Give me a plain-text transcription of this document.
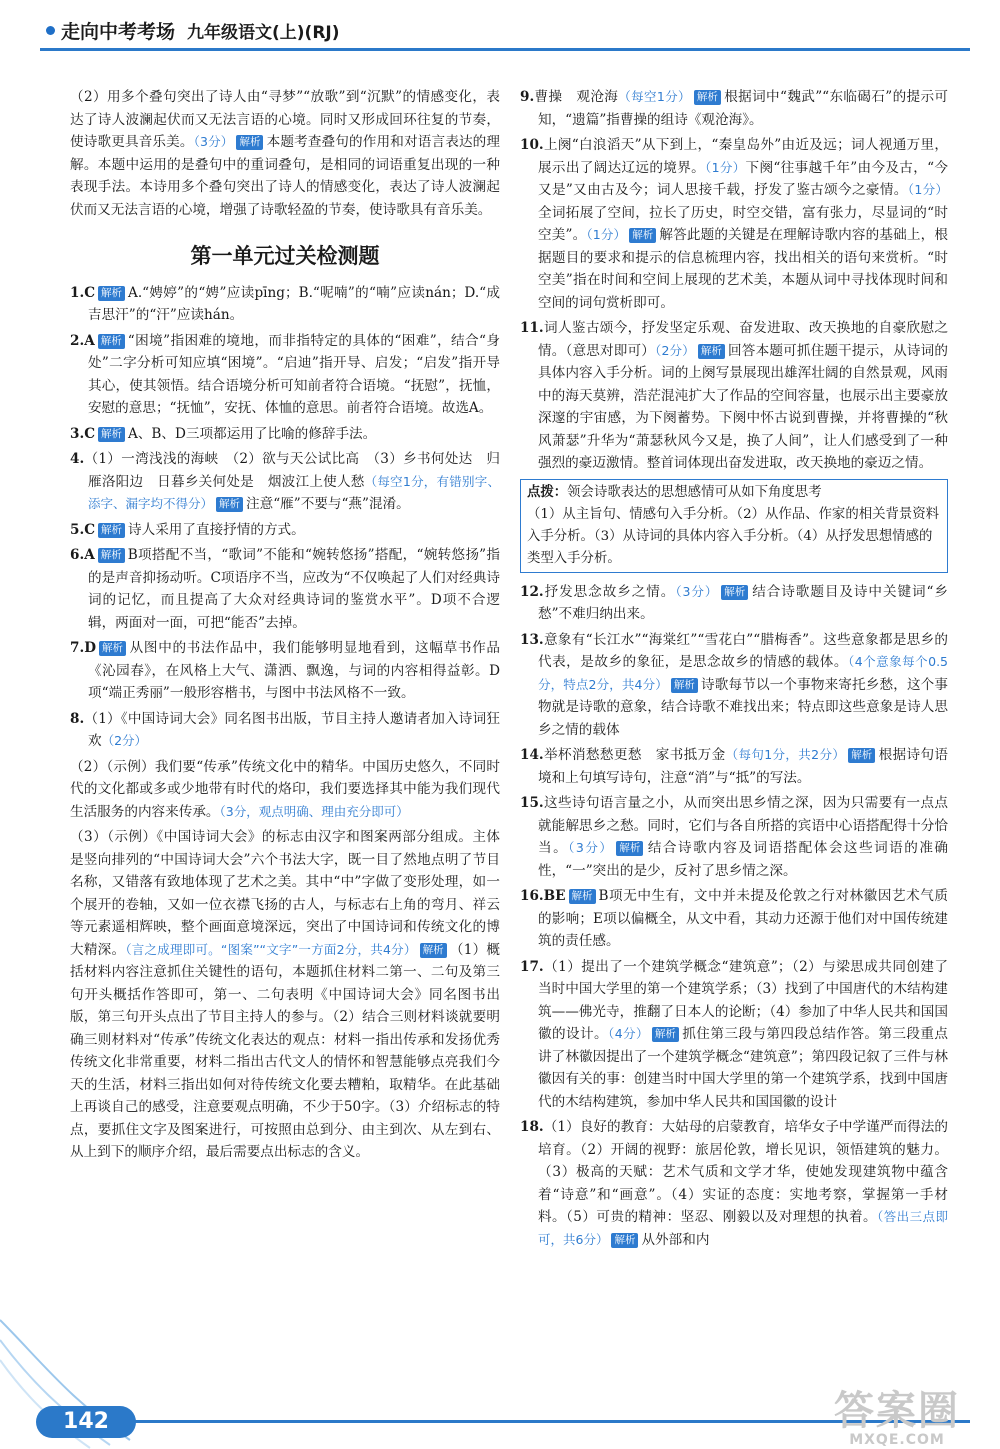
走向中考考场 九年级语文(上)(RJ)

（2）用多个叠句突出了诗人由“寻梦”“放歌”到“沉默”的情感变化，表达了诗人波澜起伏而又无法言语的心境。同时又形成回环往复的节奏，使诗歌更具音乐美。（3分） 解析 本题考查叠句的作用和对语言表达的理解。本题中运用的是叠句中的重词叠句，是相同的词语重复出现的一种表现手法。本诗用多个叠句突出了诗人的情感变化，表达了诗人波澜起伏而又无法言语的心境，增强了诗歌轻盈的节奏，使诗歌具有音乐美。

第一单元过关检测题

1.C 解析 A.“娉婷”的“娉”应读pīng；B.“呢喃”的“喃”应读nán；D.“成吉思汗”的“汗”应读hán。

2.A 解析 “困境”指困难的境地，而非指特定的具体的“困难”，结合“身处”二字分析可知应填“困境”。“启迪”指开导、启发；“启发”指开导其心，使其领悟。结合语境分析可知前者符合语境。“抚慰”，抚恤，安慰的意思；“抚恤”，安抚、体恤的意思。前者符合语境。故选A。

3.C 解析 A、B、D三项都运用了比喻的修辞手法。

4.（1）一湾浅浅的海峡　（2）欲与天公试比高　（3）乡书何处达　归雁洛阳边　日暮乡关何处是　烟波江上使人愁（每空1分，有错别字、添字、漏字均不得分） 解析 注意“雁”不要与“燕”混淆。

5.C 解析 诗人采用了直接抒情的方式。

6.A 解析 B项搭配不当，“歌词”不能和“婉转悠扬”搭配，“婉转悠扬”指的是声音抑扬动听。C项语序不当，应改为“不仅唤起了人们对经典诗词的记忆，而且提高了大众对经典诗词的鉴赏水平”。D项不合逻辑，两面对一面，可把“能否”去掉。

7.D 解析 从图中的书法作品中，我们能够明显地看到，这幅草书作品《沁园春》，在风格上大气、潇洒、飘逸，与词的内容相得益彰。D项“端正秀丽”一般形容楷书，与图中书法风格不一致。

8.（1）《中国诗词大会》同名图书出版，节目主持人邀请者加入诗词狂欢（2分）

（2）（示例）我们要“传承”传统文化中的精华。中国历史悠久，不同时代的文化都或多或少地带有时代的烙印，我们要选择其中能为我们现代生活服务的内容来传承。（3分，观点明确、理由充分即可）

（3）（示例）《中国诗词大会》的标志由汉字和图案两部分组成。主体是竖向排列的“中国诗词大会”六个书法大字，既一目了然地点明了节目名称，又错落有致地体现了艺术之美。其中“中”字做了变形处理，如一个展开的卷轴，又如一位衣襟飞扬的古人，与标志右上角的弯月、祥云等元素遥相辉映，整个画面意境深远，突出了中国诗词和传统文化的博大精深。（言之成理即可。“图案”“文字”一方面2分，共4分） 解析 （1）概括材料内容注意抓住关键性的语句，本题抓住材料二第一、二句及第三句开头概括作答即可，第一、二句表明《中国诗词大会》同名图书出版，第三句开头点出了节目主持人的参与。（2）结合三则材料谈就要明确三则材料对“传承”传统文化表达的观点：材料一指出传承和发扬优秀传统文化非常重要，材料二指出古代文人的情怀和智慧能够点亮我们今天的生活，材料三指出如何对待传统文化要去糟粕，取精华。在此基础上再谈自己的感受，注意要观点明确，不少于50字。（3）介绍标志的特点，要抓住文字及图案进行，可按照由总到分、由主到次、从左到右、从上到下的顺序介绍，最后需要点出标志的含义。

9.曹操　观沧海（每空1分） 解析 根据词中“魏武”“东临碣石”的提示可知，“遗篇”指曹操的组诗《观沧海》。

10.上阕“白浪滔天”从下到上，“秦皇岛外”由近及远；词人视通万里，展示出了阔达辽远的境界。（1分）下阕“往事越千年”由今及古，“今又是”又由古及今；词人思接千载，抒发了鉴古颂今之豪情。（1分）全词拓展了空间，拉长了历史，时空交错，富有张力，尽显词的“时空美”。（1分） 解析 解答此题的关键是在理解诗歌内容的基础上，根据题目的要求和提示的信息梳理内容，找出相关的语句来赏析。“时空美”指在时间和空间上展现的艺术美，本题从词中寻找体现时间和空间的词句赏析即可。

11.词人鉴古颂今，抒发坚定乐观、奋发进取、改天换地的自豪欣慰之情。（意思对即可）（2分） 解析 回答本题可抓住题干提示，从诗词的具体内容入手分析。词的上阕写景展现出雄浑壮阔的自然景观，风雨中的海天莫辨，浩茫混沌扩大了作品的空间容量，也展示出主要豪放深邃的宇宙感，为下阕蓄势。下阕中怀古说到曹操，并将曹操的“秋风萧瑟”升华为“萧瑟秋风今又是，换了人间”，让人们感受到了一种强烈的豪迈激情。整首词体现出奋发进取，改天换地的豪迈之情。

点拨：领会诗歌表达的思想感情可从如下角度思考
（1）从主旨句、情感句入手分析。（2）从作品、作家的相关背景资料入手分析。（3）从诗词的具体内容入手分析。（4）从抒发思想情感的类型入手分析。

12.抒发思念故乡之情。（3分） 解析 结合诗歌题目及诗中关键词“乡愁”不难归纳出来。

13.意象有“长江水”“海棠红”“雪花白”“腊梅香”。这些意象都是思乡的代表，是故乡的象征，是思念故乡的情感的载体。（4个意象每个0.5分，特点2分，共4分） 解析 诗歌每节以一个事物来寄托乡愁，这个事物就是诗歌的意象，结合诗歌不难找出来；特点即这些意象是诗人思乡之情的载体

14.举杯消愁愁更愁　家书抵万金（每句1分，共2分） 解析 根据诗句语境和上句填写诗句，注意“消”与“抵”的写法。

15.这些诗句语言量之小，从而突出思乡情之深，因为只需要有一点点就能解思乡之愁。同时，它们与各自所搭的宾语中心语搭配得十分恰当。（3分） 解析 结合诗歌内容及词语搭配体会这些词语的准确性，“一”突出的是少，反衬了思乡情之深。

16.BE 解析 B项无中生有，文中并未提及伦敦之行对林徽因艺术气质的影响；E项以偏概全，从文中看，其动力还源于他们对中国传统建筑的责任感。

17.（1）提出了一个建筑学概念“建筑意”；（2）与梁思成共同创建了当时中国大学里的第一个建筑学系；（3）找到了中国唐代的木结构建筑——佛光寺，推翻了日本人的论断；（4）参加了中华人民共和国国徽的设计。（4分） 解析 抓住第三段与第四段总结作答。第三段重点讲了林徽因提出了一个建筑学概念“建筑意”；第四段记叙了三件与林徽因有关的事：创建当时中国大学里的第一个建筑学系，找到中国唐代的木结构建筑，参加中华人民共和国国徽的设计

18.（1）良好的教育：大姑母的启蒙教育，培华女子中学谨严而得法的培育。（2）开阔的视野：旅居伦敦，增长见识，领悟建筑的魅力。（3）极高的天赋：艺术气质和文学才华，使她发现建筑物中蕴含着“诗意”和“画意”。（4）实证的态度：实地考察，掌握第一手材料。（5）可贵的精神：坚忍、刚毅以及对理想的执着。（答出三点即可，共6分） 解析 从外部和内

142	答案圈
MXQE.COM
